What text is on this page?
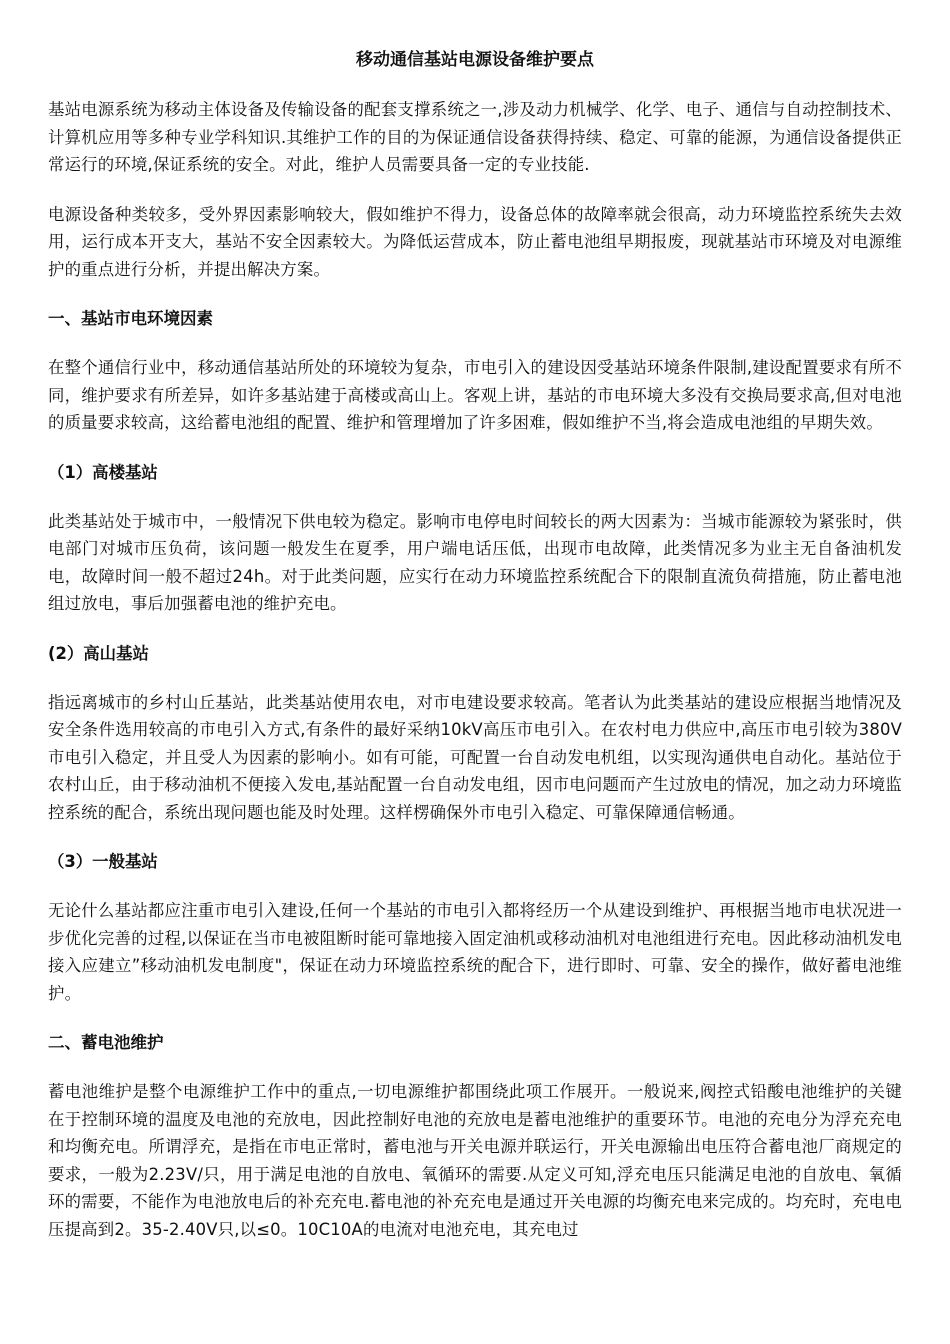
移动通信基站电源设备维护要点

基站电源系统为移动主体设备及传输设备的配套支撑系统之一,涉及动力机械学、化学、电子、通信与自动控制技术、计算机应用等多种专业学科知识.其维护工作的目的为保证通信设备获得持续、稳定、可靠的能源，为通信设备提供正常运行的环境,保证系统的安全。对此，维护人员需要具备一定的专业技能.

电源设备种类较多，受外界因素影响较大，假如维护不得力，设备总体的故障率就会很高，动力环境监控系统失去效用，运行成本开支大，基站不安全因素较大。为降低运营成本，防止蓄电池组早期报废，现就基站市环境及对电源维护的重点进行分析，并提出解决方案。

一、基站市电环境因素

在整个通信行业中，移动通信基站所处的环境较为复杂，市电引入的建设因受基站环境条件限制,建设配置要求有所不同，维护要求有所差异，如许多基站建于高楼或高山上。客观上讲，基站的市电环境大多没有交换局要求高,但对电池的质量要求较高，这给蓄电池组的配置、维护和管理增加了许多困难，假如维护不当,将会造成电池组的早期失效。

（1）高楼基站

此类基站处于城市中，一般情况下供电较为稳定。影响市电停电时间较长的两大因素为：当城市能源较为紧张时，供电部门对城市压负荷，该问题一般发生在夏季，用户端电话压低，出现市电故障，此类情况多为业主无自备油机发电，故障时间一般不超过24h。对于此类问题，应实行在动力环境监控系统配合下的限制直流负荷措施，防止蓄电池组过放电，事后加强蓄电池的维护充电。

(2）高山基站

指远离城市的乡村山丘基站，此类基站使用农电，对市电建设要求较高。笔者认为此类基站的建设应根据当地情况及安全条件选用较高的市电引入方式,有条件的最好采纳10kV高压市电引入。在农村电力供应中,高压市电引较为380V市电引入稳定，并且受人为因素的影响小。如有可能，可配置一台自动发电机组，以实现沟通供电自动化。基站位于农村山丘，由于移动油机不便接入发电,基站配置一台自动发电组，因市电问题而产生过放电的情况，加之动力环境监控系统的配合，系统出现问题也能及时处理。这样楞确保外市电引入稳定、可靠保障通信畅通。

（3）一般基站

无论什么基站都应注重市电引入建设,任何一个基站的市电引入都将经历一个从建设到维护、再根据当地市电状况进一步优化完善的过程,以保证在当市电被阻断时能可靠地接入固定油机或移动油机对电池组进行充电。因此移动油机发电接入应建立”移动油机发电制度"，保证在动力环境监控系统的配合下，进行即时、可靠、安全的操作，做好蓄电池维护。

二、蓄电池维护

蓄电池维护是整个电源维护工作中的重点,一切电源维护都围绕此项工作展开。一般说来,阀控式铅酸电池维护的关键在于控制环境的温度及电池的充放电，因此控制好电池的充放电是蓄电池维护的重要环节。电池的充电分为浮充充电和均衡充电。所谓浮充，是指在市电正常时，蓄电池与开关电源并联运行，开关电源输出电压符合蓄电池厂商规定的要求，一般为2.23V/只，用于满足电池的自放电、氧循环的需要.从定义可知,浮充电压只能满足电池的自放电、氧循环的需要，不能作为电池放电后的补充充电.蓄电池的补充充电是通过开关电源的均衡充电来完成的。均充时，充电电压提高到2。35-2.40V只,以≤0。10C10A的电流对电池充电，其充电过
